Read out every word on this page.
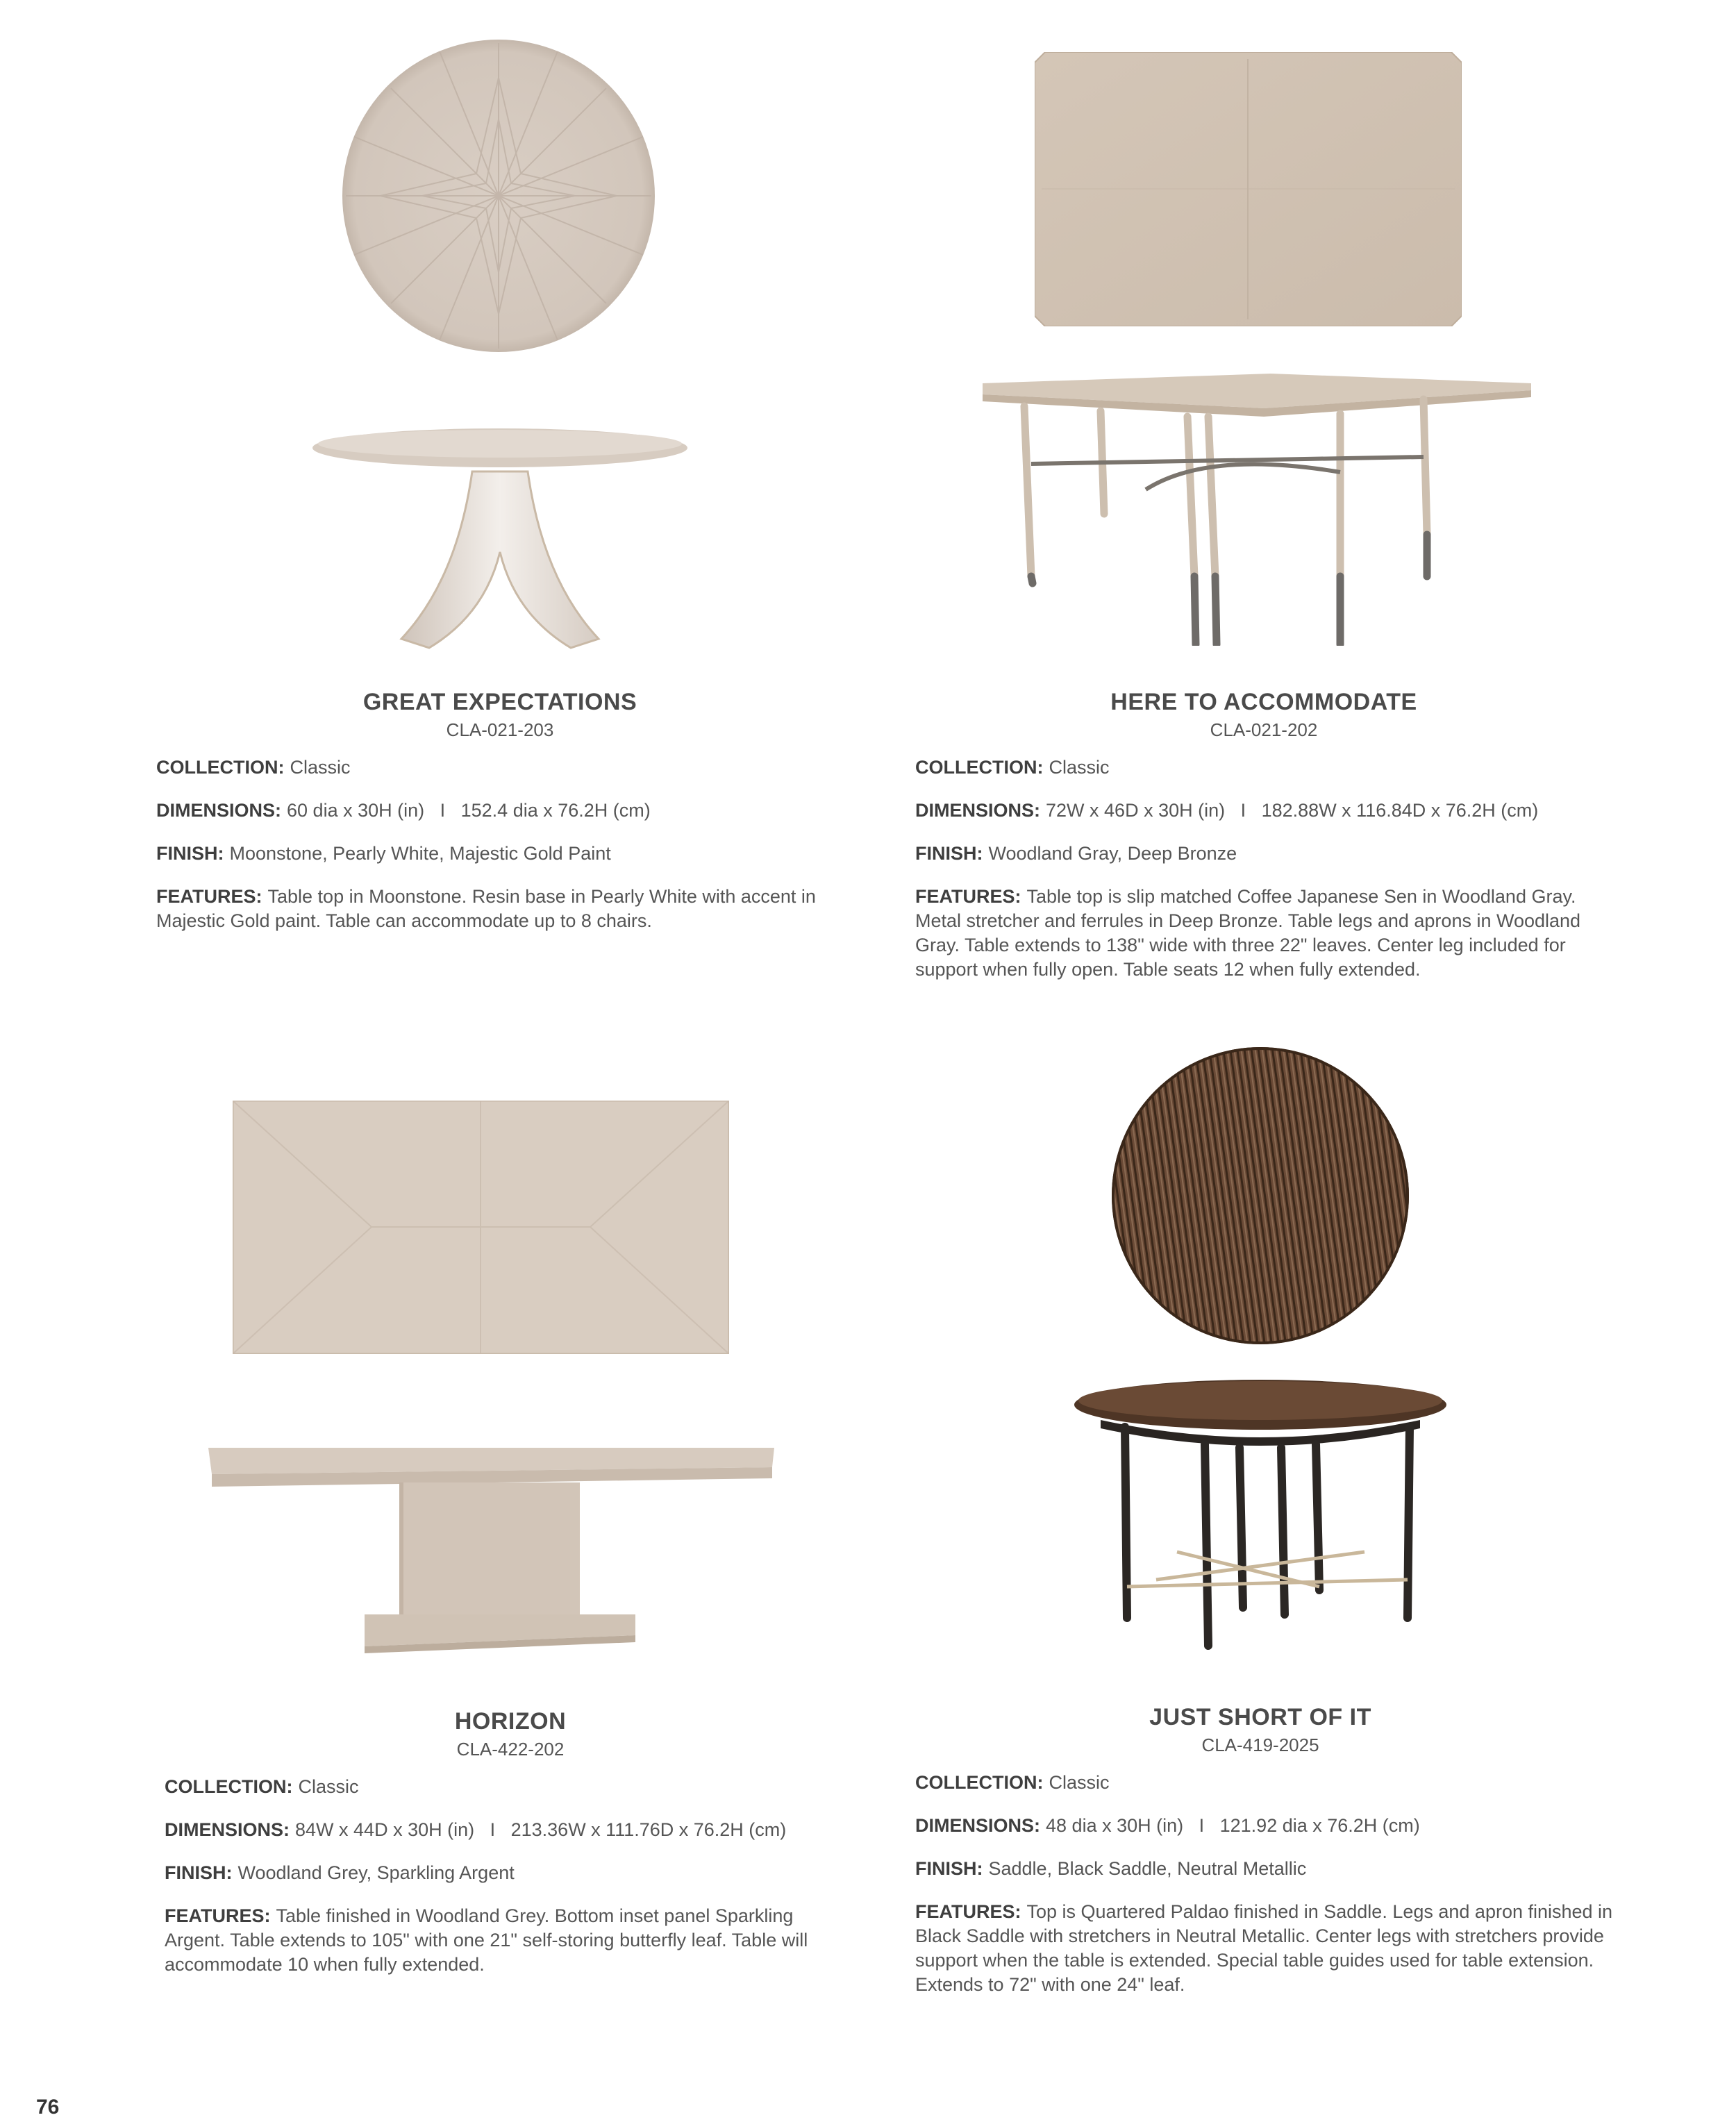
GREAT EXPECTATIONS
CLA-021-203
COLLECTION: Classic
DIMENSIONS: 60 dia x 30H (in)   I   152.4 dia x 76.2H (cm)
FINISH: Moonstone, Pearly White, Majestic Gold Paint
FEATURES: Table top in Moonstone. Resin base in Pearly White with accent in Majestic Gold paint. Table can accommodate up to 8 chairs.
HERE TO ACCOMMODATE
CLA-021-202
COLLECTION: Classic
DIMENSIONS: 72W x 46D x 30H (in)   I   182.88W x 116.84D x 76.2H (cm)
FINISH: Woodland Gray, Deep Bronze
FEATURES: Table top is slip matched Coffee Japanese Sen in Woodland Gray. Metal stretcher and ferrules in Deep Bronze. Table legs and aprons in Woodland Gray. Table extends to 138" wide with three 22" leaves. Center leg included for support when fully open. Table seats 12 when fully extended.
HORIZON
CLA-422-202
COLLECTION: Classic
DIMENSIONS: 84W x 44D x 30H (in)   I   213.36W x 111.76D x 76.2H (cm)
FINISH: Woodland Grey, Sparkling Argent
FEATURES: Table finished in Woodland Grey. Bottom inset panel Sparkling Argent. Table extends to 105" with one 21" self-storing butterfly leaf. Table will accommodate 10 when fully extended.
JUST SHORT OF IT
CLA-419-2025
COLLECTION: Classic
DIMENSIONS: 48 dia x 30H (in)   I   121.92 dia x 76.2H (cm)
FINISH: Saddle, Black Saddle, Neutral Metallic
FEATURES: Top is Quartered Paldao finished in Saddle. Legs and apron finished in Black Saddle with stretchers in Neutral Metallic. Center legs with stretchers provide support when the table is extended. Special table guides used for table extension. Extends to 72" with one 24" leaf.
76
